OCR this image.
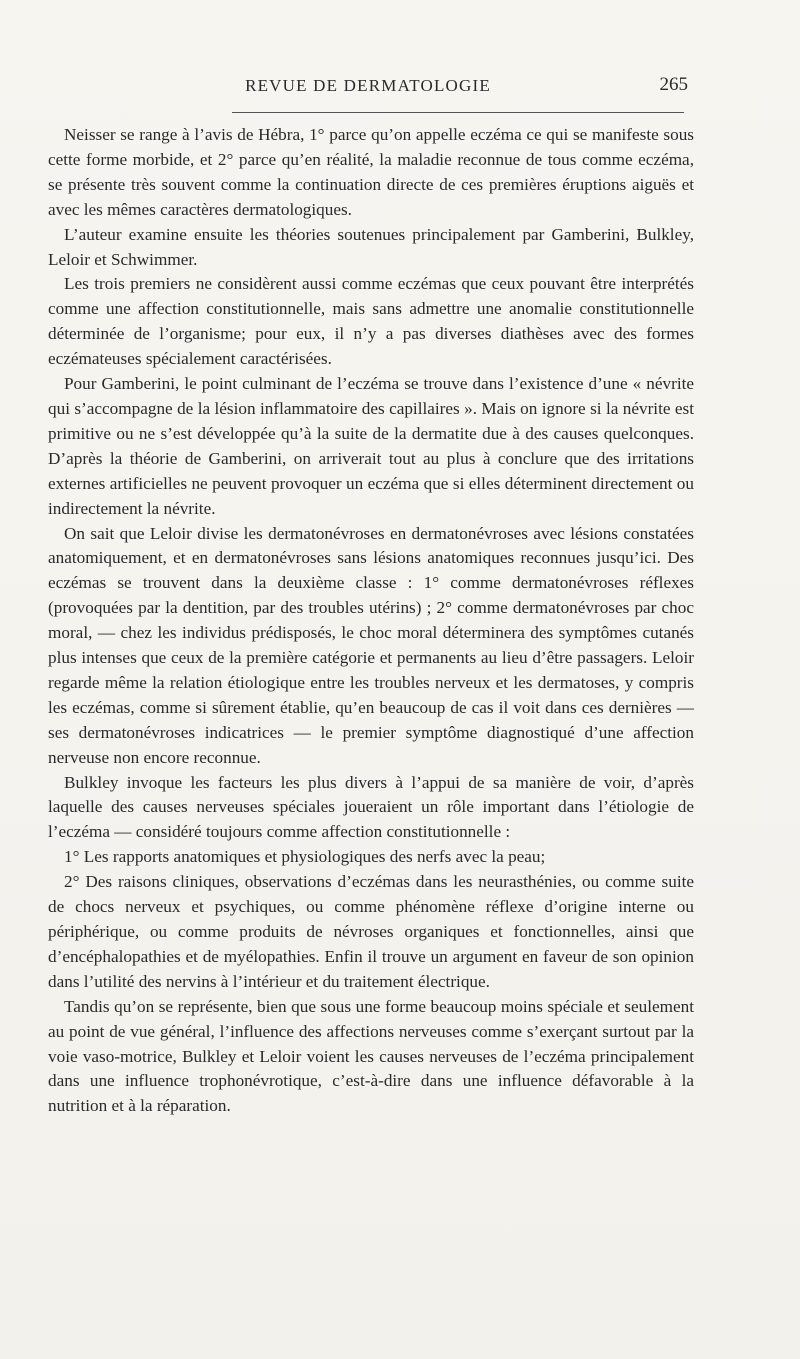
REVUE DE DERMATOLOGIE	265

Neisser se range à l’avis de Hébra, 1° parce qu’on appelle eczéma ce qui se manifeste sous cette forme morbide, et 2° parce qu’en réalité, la maladie reconnue de tous comme eczéma, se présente très souvent comme la continuation directe de ces premières éruptions aiguës et avec les mêmes caractères dermatologiques.

L’auteur examine ensuite les théories soutenues principalement par Gamberini, Bulkley, Leloir et Schwimmer.

Les trois premiers ne considèrent aussi comme eczémas que ceux pouvant être interprétés comme une affection constitutionnelle, mais sans admettre une anomalie constitutionnelle déterminée de l’organisme; pour eux, il n’y a pas diverses diathèses avec des formes eczémateuses spécialement caractérisées.

Pour Gamberini, le point culminant de l’eczéma se trouve dans l’existence d’une « névrite qui s’accompagne de la lésion inflammatoire des capillaires ». Mais on ignore si la névrite est primitive ou ne s’est développée qu’à la suite de la dermatite due à des causes quelconques. D’après la théorie de Gamberini, on arriverait tout au plus à conclure que des irritations externes artificielles ne peuvent provoquer un eczéma que si elles déterminent directement ou indirectement la névrite.

On sait que Leloir divise les dermatonévroses en dermatonévroses avec lésions constatées anatomiquement, et en dermatonévroses sans lésions anatomiques reconnues jusqu’ici. Des eczémas se trouvent dans la deuxième classe : 1° comme dermatonévroses réflexes (provoquées par la dentition, par des troubles utérins) ; 2° comme dermatonévroses par choc moral, — chez les individus prédisposés, le choc moral déterminera des symptômes cutanés plus intenses que ceux de la première catégorie et permanents au lieu d’être passagers. Leloir regarde même la relation étiologique entre les troubles nerveux et les dermatoses, y compris les eczémas, comme si sûrement établie, qu’en beaucoup de cas il voit dans ces dernières — ses dermatonévroses indicatrices — le premier symptôme diagnostiqué d’une affection nerveuse non encore reconnue.

Bulkley invoque les facteurs les plus divers à l’appui de sa manière de voir, d’après laquelle des causes nerveuses spéciales joueraient un rôle important dans l’étiologie de l’eczéma — considéré toujours comme affection constitutionnelle :

1° Les rapports anatomiques et physiologiques des nerfs avec la peau;

2° Des raisons cliniques, observations d’eczémas dans les neurasthénies, ou comme suite de chocs nerveux et psychiques, ou comme phénomène réflexe d’origine interne ou périphérique, ou comme produits de névroses organiques et fonctionnelles, ainsi que d’encéphalopathies et de myélopathies. Enfin il trouve un argument en faveur de son opinion dans l’utilité des nervins à l’intérieur et du traitement électrique.

Tandis qu’on se représente, bien que sous une forme beaucoup moins spéciale et seulement au point de vue général, l’influence des affections nerveuses comme s’exerçant surtout par la voie vaso-motrice, Bulkley et Leloir voient les causes nerveuses de l’eczéma principalement dans une influence trophonévrotique, c’est-à-dire dans une influence défavorable à la nutrition et à la réparation.
